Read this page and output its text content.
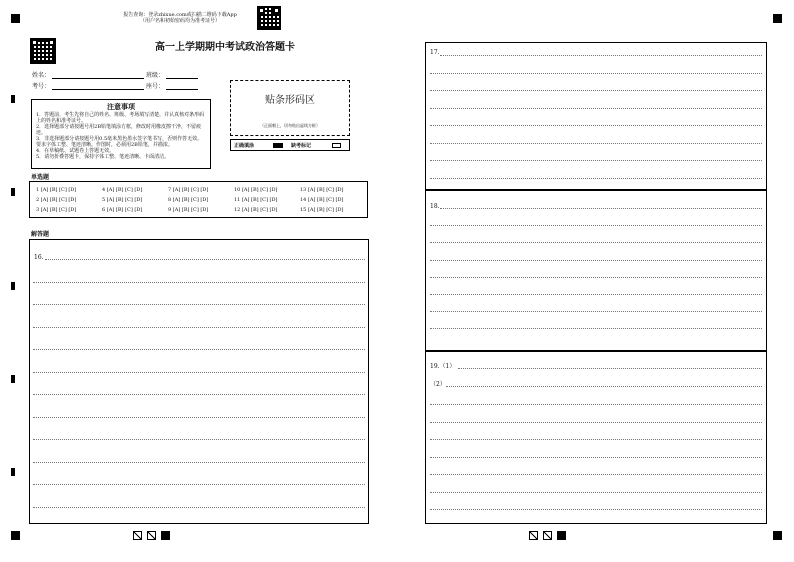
报告查询：登录zhixue.com或扫描二维码下载App
（用户名和初始密码均为准考证号）
高一上学期期中考试政治答题卡
姓名：	班级：
考号：	座号：
贴条形码区
（正面朝上，切勿贴出虚线方框）
正确填涂	缺考标记
注意事项
1．答题前，考生先将自己的姓名、班级、考场填写清楚，并认真核对条形码上的姓名和准考证号。
2．选择题部分请按题号用2B铅笔填涂方框，修改时用橡皮擦干净，不留痕迹。
3．非选择题部分请按题号用0.5毫米黑色墨水签字笔书写，否则作答无效。要求字体工整、笔迹清晰。作图时，必须用2B铅笔，并描浓。
4．在草稿纸、试题卷上答题无效。
5．请勿折叠答题卡，保持字体工整、笔迹清晰、卡面清洁。
单选题
1 [A] [B] [C] [D]	4 [A] [B] [C] [D]	7 [A] [B] [C] [D]	10 [A] [B] [C] [D]	13 [A] [B] [C] [D]
2 [A] [B] [C] [D]	5 [A] [B] [C] [D]	8 [A] [B] [C] [D]	11 [A] [B] [C] [D]	14 [A] [B] [C] [D]
3 [A] [B] [C] [D]	6 [A] [B] [C] [D]	9 [A] [B] [C] [D]	12 [A] [B] [C] [D]	15 [A] [B] [C] [D]
解答题
16.
17.
18.
19.（1）
（2）
